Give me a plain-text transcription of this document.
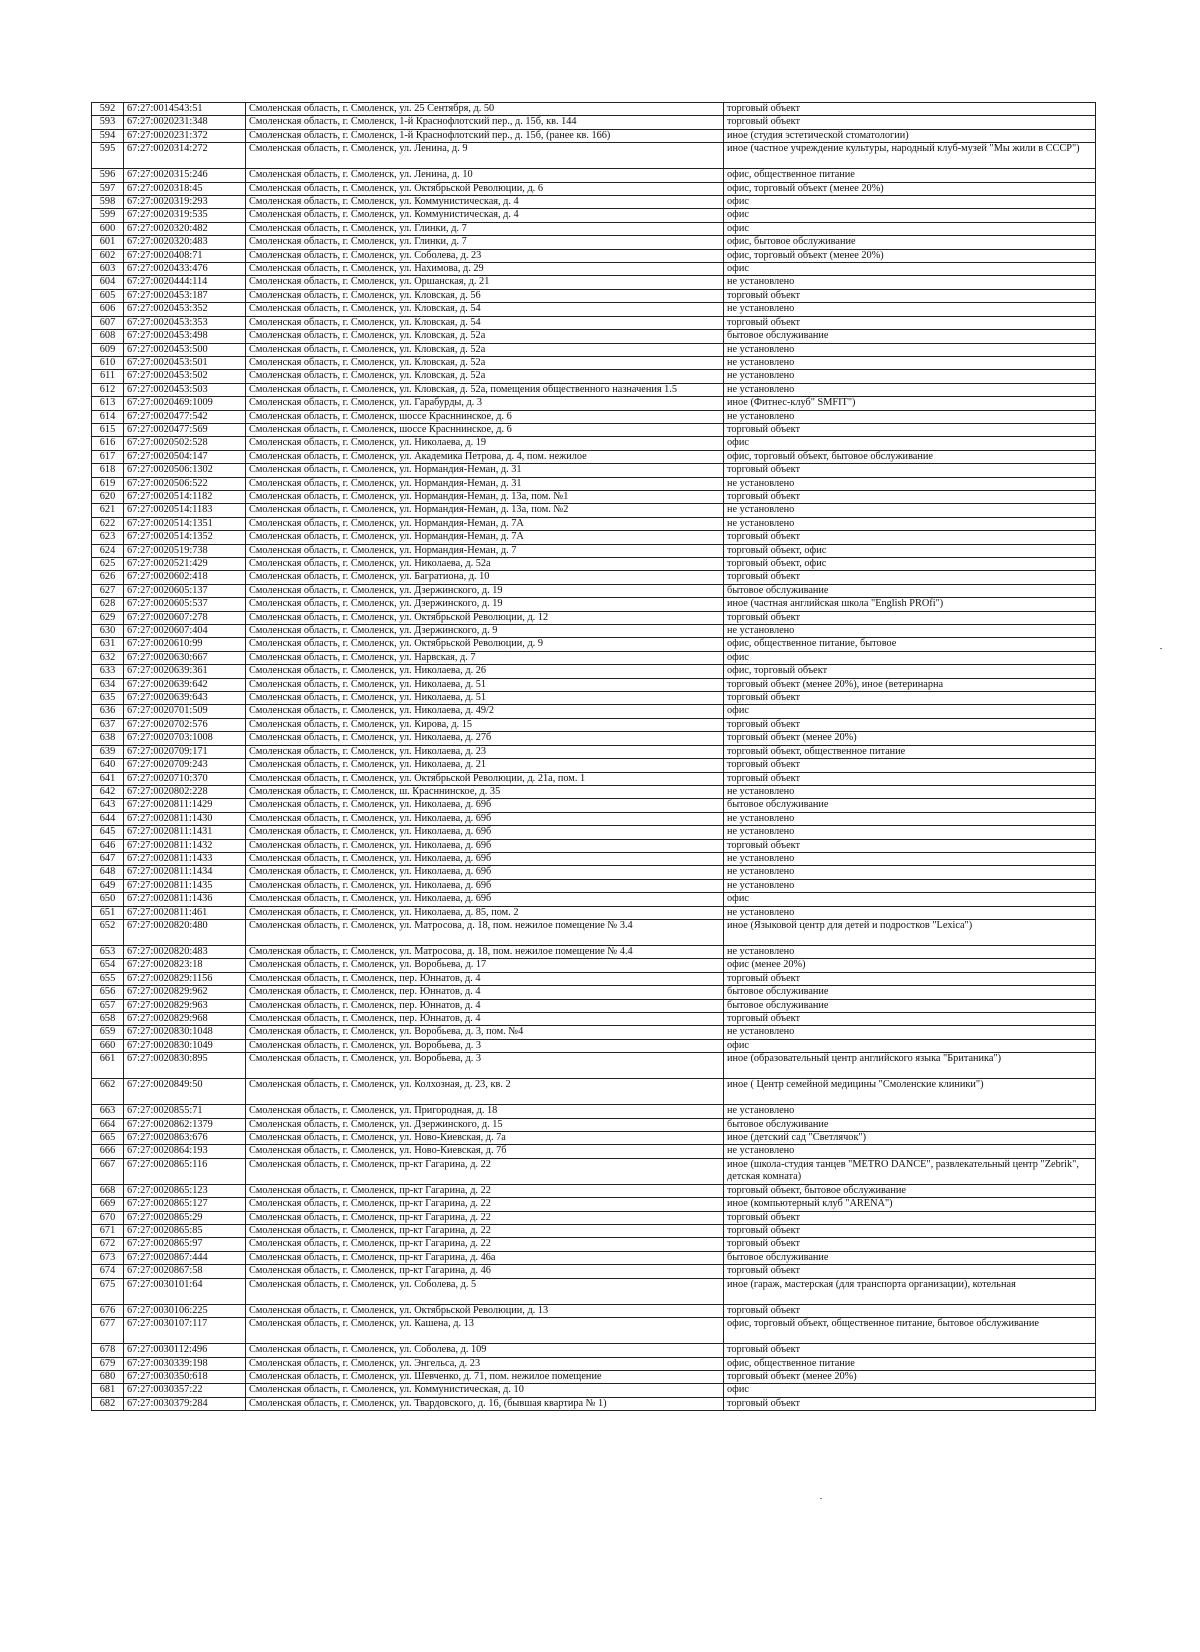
592	67:27:0014543:51	Смоленская область, г. Смоленск, ул. 25 Сентября, д. 50	торговый объект
593	67:27:0020231:348	Смоленская область, г. Смоленск, 1-й Краснофлотский пер., д. 15б, кв. 144	торговый объект
594	67:27:0020231:372	Смоленская область, г. Смоленск, 1-й Краснофлотский пер., д. 15б, (ранее кв. 166)	иное (студия эстетической стоматологии)
595	67:27:0020314:272	Смоленская область, г. Смоленск, ул. Ленина, д. 9	иное (частное учреждение культуры, народный клуб-музей "Мы жили в СССР")
596	67:27:0020315:246	Смоленская область, г. Смоленск, ул. Ленина, д. 10	офис, общественное питание
597	67:27:0020318:45	Смоленская область, г. Смоленск, ул. Октябрьской Революции, д. 6	офис, торговый объект (менее 20%)
598	67:27:0020319:293	Смоленская область, г. Смоленск, ул. Коммунистическая, д. 4	офис
599	67:27:0020319:535	Смоленская область, г. Смоленск, ул. Коммунистическая, д. 4	офис
600	67:27:0020320:482	Смоленская область, г. Смоленск, ул. Глинки, д. 7	офис
601	67:27:0020320:483	Смоленская область, г. Смоленск, ул. Глинки, д. 7	офис, бытовое обслуживание
602	67:27:0020408:71	Смоленская область, г. Смоленск, ул. Соболева, д. 23	офис, торговый объект (менее 20%)
603	67:27:0020433:476	Смоленская область, г. Смоленск, ул. Нахимова, д. 29	офис
604	67:27:0020444:114	Смоленская область, г. Смоленск, ул. Оршанская, д. 21	не установлено
605	67:27:0020453:187	Смоленская область, г. Смоленск, ул. Кловская, д. 56	торговый объект
606	67:27:0020453:352	Смоленская область, г. Смоленск, ул. Кловская, д. 54	не установлено
607	67:27:0020453:353	Смоленская область, г. Смоленск, ул. Кловская, д. 54	торговый объект
608	67:27:0020453:498	Смоленская область, г. Смоленск, ул. Кловская, д. 52а	бытовое обслуживание
609	67:27:0020453:500	Смоленская область, г. Смоленск, ул. Кловская, д. 52а	не установлено
610	67:27:0020453:501	Смоленская область, г. Смоленск, ул. Кловская, д. 52а	не установлено
611	67:27:0020453:502	Смоленская область, г. Смоленск, ул. Кловская, д. 52а	не установлено
612	67:27:0020453:503	Смоленская область, г. Смоленск, ул. Кловская, д. 52а, помещения общественного назначения 1.5	не установлено
613	67:27:0020469:1009	Смоленская область, г. Смоленск, ул. Гарабурды, д. 3	иное (Фитнес-клуб" SMFIT")
614	67:27:0020477:542	Смоленская область, г. Смоленск, шоссе Красннинское, д. 6	не установлено
615	67:27:0020477:569	Смоленская область, г. Смоленск, шоссе Красннинское, д. 6	торговый объект
616	67:27:0020502:528	Смоленская область, г. Смоленск, ул. Николаева, д. 19	офис
617	67:27:0020504:147	Смоленская область, г. Смоленск, ул. Академика Петрова, д. 4, пом. нежилое	офис, торговый объект, бытовое обслуживание
618	67:27:0020506:1302	Смоленская область, г. Смоленск, ул. Нормандия-Неман, д. 31	торговый объект
619	67:27:0020506:522	Смоленская область, г. Смоленск, ул. Нормандия-Неман, д. 31	не установлено
620	67:27:0020514:1182	Смоленская область, г. Смоленск, ул. Нормандия-Неман, д. 13а, пом. №1	торговый объект
621	67:27:0020514:1183	Смоленская область, г. Смоленск, ул. Нормандия-Неман, д. 13а, пом. №2	не установлено
622	67:27:0020514:1351	Смоленская область, г. Смоленск, ул. Нормандия-Неман, д. 7А	не установлено
623	67:27:0020514:1352	Смоленская область, г. Смоленск, ул. Нормандия-Неман, д. 7А	торговый объект
624	67:27:0020519:738	Смоленская область, г. Смоленск, ул. Нормандия-Неман, д. 7	торговый объект, офис
625	67:27:0020521:429	Смоленская область, г. Смоленск, ул. Николаева, д. 52а	торговый объект, офис
626	67:27:0020602:418	Смоленская область, г. Смоленск, ул. Багратиона, д. 10	торговый объект
627	67:27:0020605:137	Смоленская область, г. Смоленск, ул. Дзержинского, д. 19	бытовое обслуживание
628	67:27:0020605:537	Смоленская область, г. Смоленск, ул. Дзержинского, д. 19	иное (частная английская школа "English PROfi")
629	67:27:0020607:278	Смоленская область, г. Смоленск, ул. Октябрьской Революции, д. 12	торговый объект
630	67:27:0020607:404	Смоленская область, г. Смоленск, ул. Дзержинского, д. 9	не установлено
631	67:27:0020610:99	Смоленская область, г. Смоленск, ул. Октябрьской Революции, д. 9	офис, общественное питание, бытовое
632	67:27:0020630:667	Смоленская область, г. Смоленск, ул. Нарвская, д. 7	офис
633	67:27:0020639:361	Смоленская область, г. Смоленск, ул. Николаева, д. 26	офис, торговый объект
634	67:27:0020639:642	Смоленская область, г. Смоленск, ул. Николаева, д. 51	торговый объект (менее 20%), иное (ветеринарна
635	67:27:0020639:643	Смоленская область, г. Смоленск, ул. Николаева, д. 51	торговый объект
636	67:27:0020701:509	Смоленская область, г. Смоленск, ул. Николаева, д. 49/2	офис
637	67:27:0020702:576	Смоленская область, г. Смоленск, ул. Кирова, д. 15	торговый объект
638	67:27:0020703:1008	Смоленская область, г. Смоленск, ул. Николаева, д. 27б	торговый объект (менее 20%)
639	67:27:0020709:171	Смоленская область, г. Смоленск, ул. Николаева, д. 23	торговый объект, общественное питание
640	67:27:0020709:243	Смоленская область, г. Смоленск, ул. Николаева, д. 21	торговый объект
641	67:27:0020710:370	Смоленская область, г. Смоленск, ул. Октябрьской Революции, д. 21а, пом. 1	торговый объект
642	67:27:0020802:228	Смоленская область, г. Смоленск, ш. Красннинское, д. 35	не установлено
643	67:27:0020811:1429	Смоленская область, г. Смоленск, ул. Николаева, д. 69б	бытовое обслуживание
644	67:27:0020811:1430	Смоленская область, г. Смоленск, ул. Николаева, д. 69б	не установлено
645	67:27:0020811:1431	Смоленская область, г. Смоленск, ул. Николаева, д. 69б	не установлено
646	67:27:0020811:1432	Смоленская область, г. Смоленск, ул. Николаева, д. 69б	торговый объект
647	67:27:0020811:1433	Смоленская область, г. Смоленск, ул. Николаева, д. 69б	не установлено
648	67:27:0020811:1434	Смоленская область, г. Смоленск, ул. Николаева, д. 69б	не установлено
649	67:27:0020811:1435	Смоленская область, г. Смоленск, ул. Николаева, д. 69б	не установлено
650	67:27:0020811:1436	Смоленская область, г. Смоленск, ул. Николаева, д. 69б	офис
651	67:27:0020811:461	Смоленская область, г. Смоленск, ул. Николаева, д. 85, пом. 2	не установлено
652	67:27:0020820:480	Смоленская область, г. Смоленск, ул. Матросова, д. 18, пом. нежилое помещение № 3.4	иное (Языковой центр для детей и подростков "Lexica")
653	67:27:0020820:483	Смоленская область, г. Смоленск, ул. Матросова, д. 18, пом. нежилое помещение № 4.4	не установлено
654	67:27:0020823:18	Смоленская область, г. Смоленск, ул. Воробьева, д. 17	офис (менее 20%)
655	67:27:0020829:1156	Смоленская область, г. Смоленск, пер. Юннатов, д. 4	торговый объект
656	67:27:0020829:962	Смоленская область, г. Смоленск, пер. Юннатов, д. 4	бытовое обслуживание
657	67:27:0020829:963	Смоленская область, г. Смоленск, пер. Юннатов, д. 4	бытовое обслуживание
658	67:27:0020829:968	Смоленская область, г. Смоленск, пер. Юннатов, д. 4	торговый объект
659	67:27:0020830:1048	Смоленская область, г. Смоленск, ул. Воробьева, д. 3, пом. №4	не установлено
660	67:27:0020830:1049	Смоленская область, г. Смоленск, ул. Воробьева, д. 3	офис
661	67:27:0020830:895	Смоленская область, г. Смоленск, ул. Воробьева, д. 3	иное (образовательный центр английского языка "Британика")
662	67:27:0020849:50	Смоленская область, г. Смоленск, ул. Колхозная, д. 23, кв. 2	иное ( Центр семейной медицины "Смоленские клиники")
663	67:27:0020855:71	Смоленская область, г. Смоленск, ул. Пригородная, д. 18	не установлено
664	67:27:0020862:1379	Смоленская область, г. Смоленск, ул. Дзержинского, д. 15	бытовое обслуживание
665	67:27:0020863:676	Смоленская область, г. Смоленск, ул. Ново-Киевская, д. 7а	иное (детский сад "Светлячок")
666	67:27:0020864:193	Смоленская область, г. Смоленск, ул. Ново-Киевская, д. 7б	не установлено
667	67:27:0020865:116	Смоленская область, г. Смоленск, пр-кт Гагарина, д. 22	иное (школа-студия танцев "METRO DANCE", развлекательный центр "Zebrik", детская комната)
668	67:27:0020865:123	Смоленская область, г. Смоленск, пр-кт Гагарина, д. 22	торговый объект, бытовое обслуживание
669	67:27:0020865:127	Смоленская область, г. Смоленск, пр-кт Гагарина, д. 22	иное (компьютерный клуб "ARENA")
670	67:27:0020865:29	Смоленская область, г. Смоленск, пр-кт Гагарина, д. 22	торговый объект
671	67:27:0020865:85	Смоленская область, г. Смоленск, пр-кт Гагарина, д. 22	торговый объект
672	67:27:0020865:97	Смоленская область, г. Смоленск, пр-кт Гагарина, д. 22	торговый объект
673	67:27:0020867:444	Смоленская область, г. Смоленск, пр-кт Гагарина, д. 46а	бытовое обслуживание
674	67:27:0020867:58	Смоленская область, г. Смоленск, пр-кт Гагарина, д. 46	торговый объект
675	67:27:0030101:64	Смоленская область, г. Смоленск, ул. Соболева, д. 5	иное (гараж, мастерская (для транспорта организации), котельная
676	67:27:0030106:225	Смоленская область, г. Смоленск, ул. Октябрьской Революции, д. 13	торговый объект
677	67:27:0030107:117	Смоленская область, г. Смоленск, ул. Кашена, д. 13	офис, торговый объект, общественное питание, бытовое обслуживание
678	67:27:0030112:496	Смоленская область, г. Смоленск, ул. Соболева, д. 109	торговый объект
679	67:27:0030339:198	Смоленская область, г. Смоленск, ул. Энгельса, д. 23	офис, общественное питание
680	67:27:0030350:618	Смоленская область, г. Смоленск, ул. Шевченко, д. 71, пом. нежилое помещение	торговый объект (менее 20%)
681	67:27:0030357:22	Смоленская область, г. Смоленск, ул. Коммунистическая, д. 10	офис
682	67:27:0030379:284	Смоленская область, г. Смоленск, ул. Твардовского, д. 16, (бывшая квартира № 1)	торговый объект
